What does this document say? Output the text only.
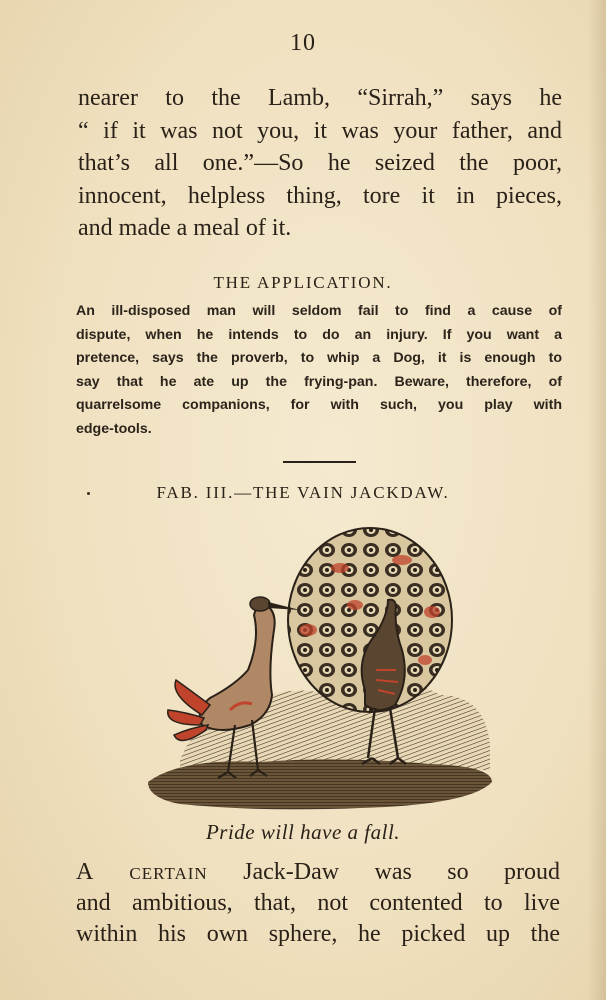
10
nearer to the Lamb, “Sirrah,” says he
“ if it was not you, it was your father, and
that’s all one.”—So he seized the poor,
innocent, helpless thing, tore it in pieces,
and made a meal of it.
THE APPLICATION.
An ill-disposed man will seldom fail to find a cause of
dispute, when he intends to do an injury. If you want a
pretence, says the proverb, to whip a Dog, it is enough to
say that he ate up the frying-pan. Beware, therefore, of
quarrelsome companions, for with such, you play with
edge-tools.
FAB. III.—THE VAIN JACKDAW.
Pride will have a fall.
A certain Jack-Daw was so proud
and ambitious, that, not contented to live
within his own sphere, he picked up the
